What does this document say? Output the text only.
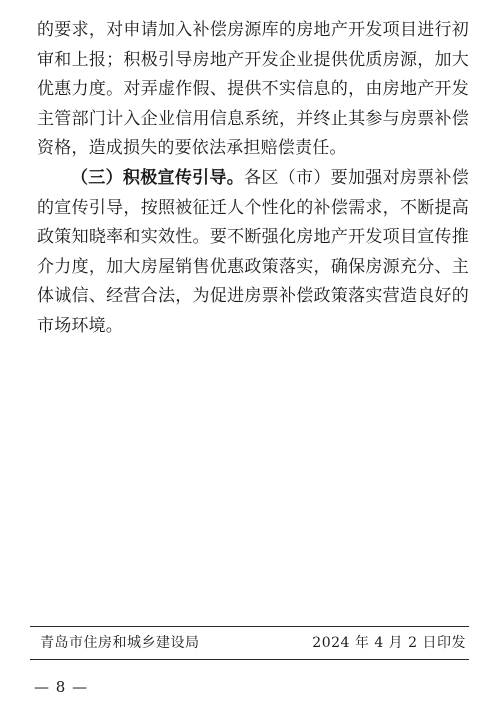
的要求，对申请加入补偿房源库的房地产开发项目进行初审和上报；积极引导房地产开发企业提供优质房源，加大优惠力度。对弄虚作假、提供不实信息的，由房地产开发主管部门计入企业信用信息系统，并终止其参与房票补偿资格，造成损失的要依法承担赔偿责任。

（三）积极宣传引导。各区（市）要加强对房票补偿的宣传引导，按照被征迁人个性化的补偿需求，不断提高政策知晓率和实效性。要不断强化房地产开发项目宣传推介力度，加大房屋销售优惠政策落实，确保房源充分、主体诚信、经营合法，为促进房票补偿政策落实营造良好的市场环境。

青岛市住房和城乡建设局	2024 年 4 月 2 日印发
— 8 —
